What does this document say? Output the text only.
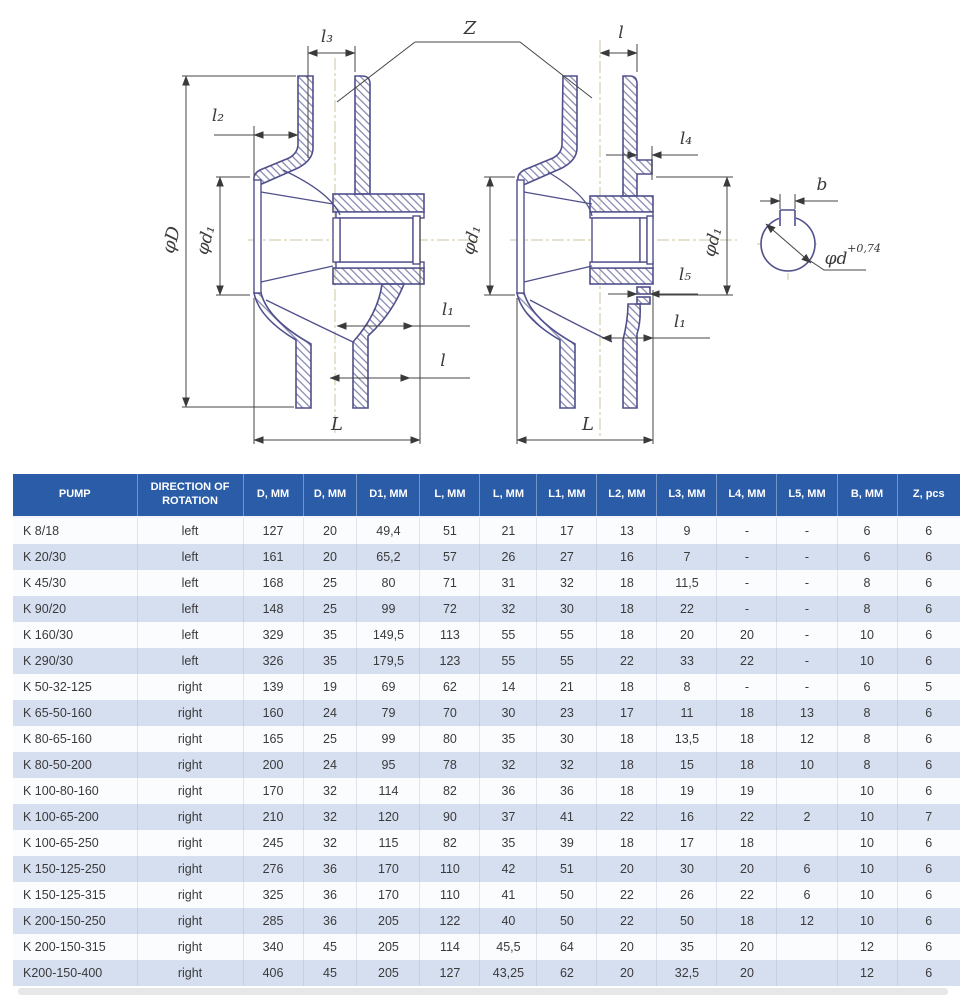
l₃	Z
l₂
φD φd₁
l₁
l
L
l
l₄
φd₁	φd₁
l₅
l₁
L
b
φd
+0,74
PUMP	DIRECTION OF ROTATION	D, MM	D, MM	D1, MM	L, MM	L, MM	L1, MM	L2, MM	L3, MM	L4, MM	L5, MM	B, MM	Z, pcs
K 8/18	left	127	20	49,4	51	21	17	13	9	-	-	6	6
K 20/30	left	161	20	65,2	57	26	27	16	7	-	-	6	6
K 45/30	left	168	25	80	71	31	32	18	11,5	-	-	8	6
K 90/20	left	148	25	99	72	32	30	18	22	-	-	8	6
K 160/30	left	329	35	149,5	113	55	55	18	20	20	-	10	6
K 290/30	left	326	35	179,5	123	55	55	22	33	22	-	10	6
K 50-32-125	right	139	19	69	62	14	21	18	8	-	-	6	5
K 65-50-160	right	160	24	79	70	30	23	17	11	18	13	8	6
K 80-65-160	right	165	25	99	80	35	30	18	13,5	18	12	8	6
K 80-50-200	right	200	24	95	78	32	32	18	15	18	10	8	6
K 100-80-160	right	170	32	114	82	36	36	18	19	19		10	6
K 100-65-200	right	210	32	120	90	37	41	22	16	22	2	10	7
K 100-65-250	right	245	32	115	82	35	39	18	17	18		10	6
K 150-125-250	right	276	36	170	110	42	51	20	30	20	6	10	6
K 150-125-315	right	325	36	170	110	41	50	22	26	22	6	10	6
K 200-150-250	right	285	36	205	122	40	50	22	50	18	12	10	6
K 200-150-315	right	340	45	205	114	45,5	64	20	35	20		12	6
K200-150-400	right	406	45	205	127	43,25	62	20	32,5	20		12	6
